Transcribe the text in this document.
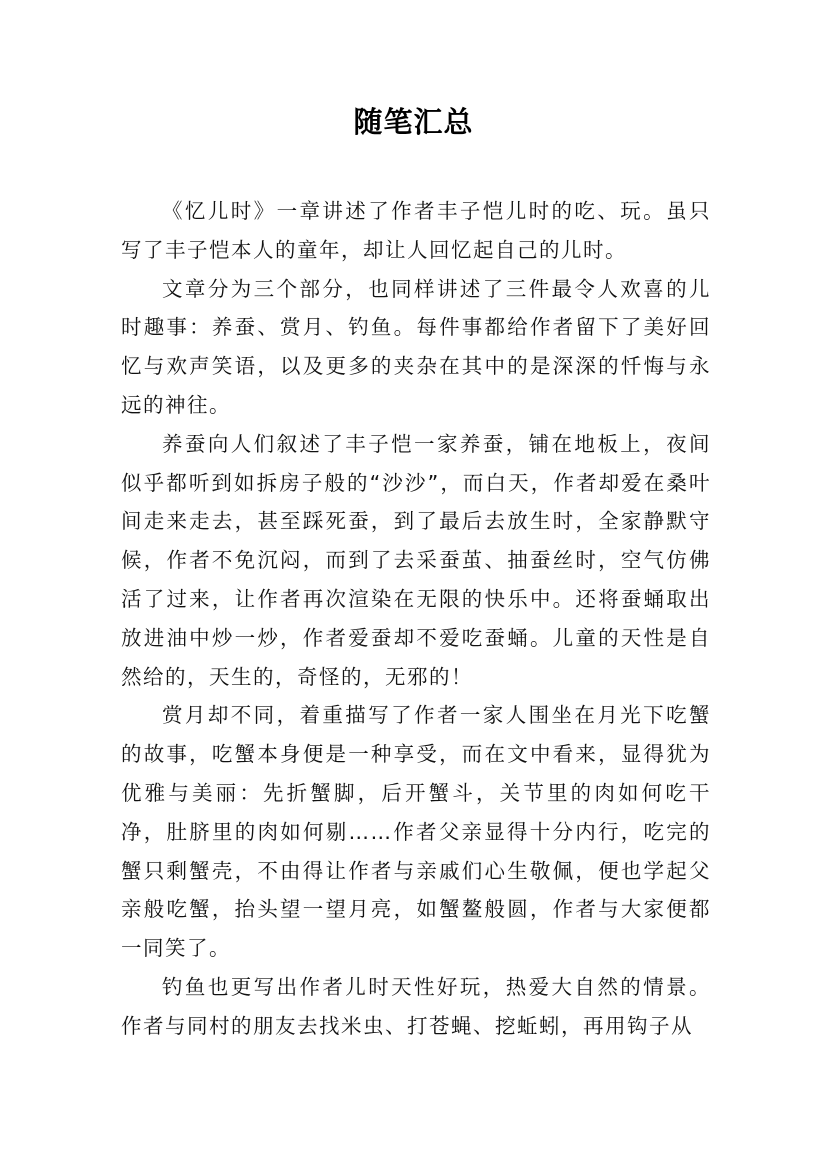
随笔汇总

《忆儿时》一章讲述了作者丰子恺儿时的吃、玩。虽只写了丰子恺本人的童年，却让人回忆起自己的儿时。

文章分为三个部分，也同样讲述了三件最令人欢喜的儿时趣事：养蚕、赏月、钓鱼。每件事都给作者留下了美好回忆与欢声笑语，以及更多的夹杂在其中的是深深的忏悔与永远的神往。

养蚕向人们叙述了丰子恺一家养蚕，铺在地板上，夜间似乎都听到如拆房子般的“沙沙”，而白天，作者却爱在桑叶间走来走去，甚至踩死蚕，到了最后去放生时，全家静默守候，作者不免沉闷，而到了去采蚕茧、抽蚕丝时，空气仿佛活了过来，让作者再次渲染在无限的快乐中。还将蚕蛹取出放进油中炒一炒，作者爱蚕却不爱吃蚕蛹。儿童的天性是自然给的，天生的，奇怪的，无邪的！

赏月却不同，着重描写了作者一家人围坐在月光下吃蟹的故事，吃蟹本身便是一种享受，而在文中看来，显得犹为优雅与美丽：先折蟹脚，后开蟹斗，关节里的肉如何吃干净，肚脐里的肉如何剔……作者父亲显得十分内行，吃完的蟹只剩蟹壳，不由得让作者与亲戚们心生敬佩，便也学起父亲般吃蟹，抬头望一望月亮，如蟹鳌般圆，作者与大家便都一同笑了。

钓鱼也更写出作者儿时天性好玩，热爱大自然的情景。作者与同村的朋友去找米虫、打苍蝇、挖蚯蚓，再用钩子从
